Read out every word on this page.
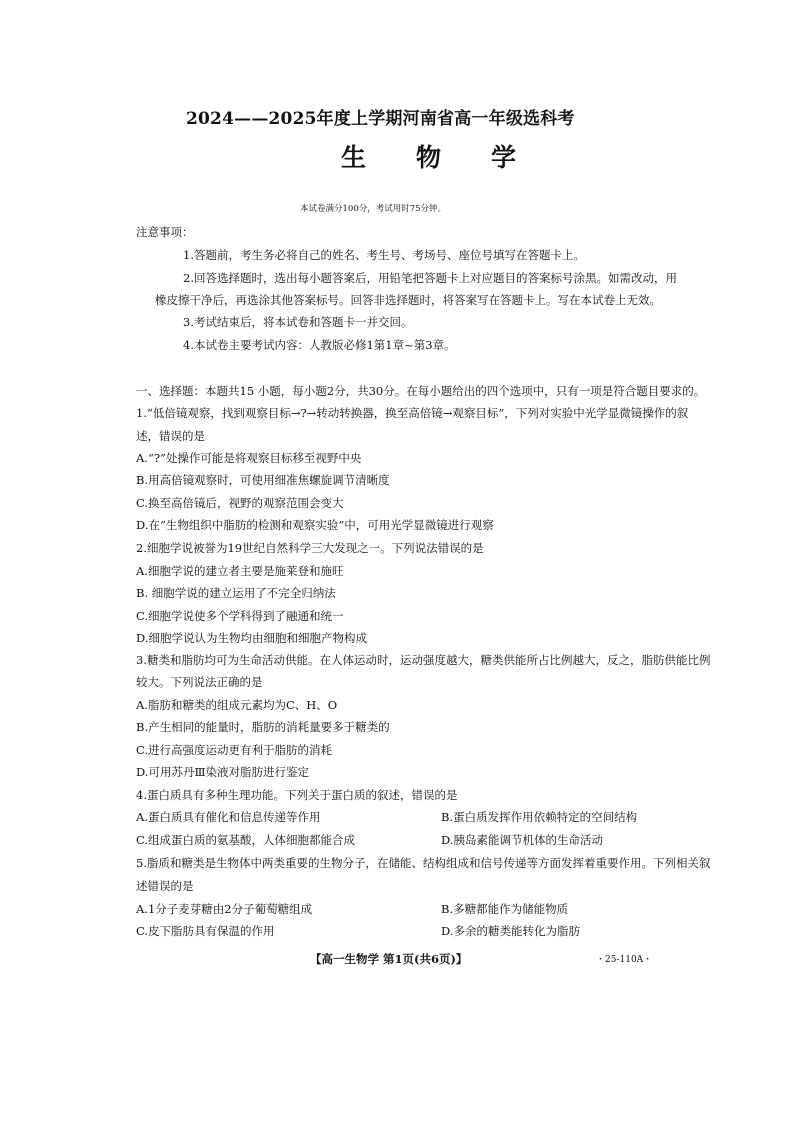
2024——2025年度上学期河南省高一年级选科考
生物学
本试卷满分100分，考试用时75分钟。
注意事项：
1.答题前，考生务必将自己的姓名、考生号、考场号、座位号填写在答题卡上。
2.回答选择题时，选出每小题答案后，用铅笔把答题卡上对应题目的答案标号涂黑。如需改动，用
橡皮擦干净后，再选涂其他答案标号。回答非选择题时，将答案写在答题卡上。写在本试卷上无效。
3.考试结束后，将本试卷和答题卡一并交回。
4.本试卷主要考试内容：人教版必修1第1章~第3章。
一、选择题：本题共15 小题，每小题2分，共30分。在每小题给出的四个选项中，只有一项是符合题目要求的。
1.“低倍镜观察，找到观察目标→?→转动转换器，换至高倍镜→观察目标”，下列对实验中光学显微镜操作的叙
述，错误的是
A.“?”处操作可能是将观察目标移至视野中央
B.用高倍镜观察时，可使用细准焦螺旋调节清晰度
C.换至高倍镜后，视野的观察范围会变大
D.在“生物组织中脂肪的检测和观察实验”中，可用光学显微镜进行观察
2.细胞学说被誉为19世纪自然科学三大发现之一。下列说法错误的是
A.细胞学说的建立者主要是施莱登和施旺
B. 细胞学说的建立运用了不完全归纳法
C.细胞学说使多个学科得到了融通和统一
D.细胞学说认为生物均由细胞和细胞产物构成
3.糖类和脂肪均可为生命活动供能。在人体运动时，运动强度越大，糖类供能所占比例越大，反之，脂肪供能比例
较大。下列说法正确的是
A.脂肪和糖类的组成元素均为C、H、O
B.产生相同的能量时，脂肪的消耗量要多于糖类的
C.进行高强度运动更有利于脂肪的消耗
D.可用苏丹Ⅲ染液对脂肪进行鉴定
4.蛋白质具有多种生理功能。下列关于蛋白质的叙述，错误的是
A.蛋白质具有催化和信息传递等作用	B.蛋白质发挥作用依赖特定的空间结构
C.组成蛋白质的氨基酸，人体细胞都能合成	D.胰岛素能调节机体的生命活动
5.脂质和糖类是生物体中两类重要的生物分子，在储能、结构组成和信号传递等方面发挥着重要作用。下列相关叙
述错误的是
A.1分子麦芽糖由2分子葡萄糖组成	B.多糖都能作为储能物质
C.皮下脂肪具有保温的作用	D.多余的糖类能转化为脂肪
【高一生物学 第1页(共6页)】	・25-110A・
